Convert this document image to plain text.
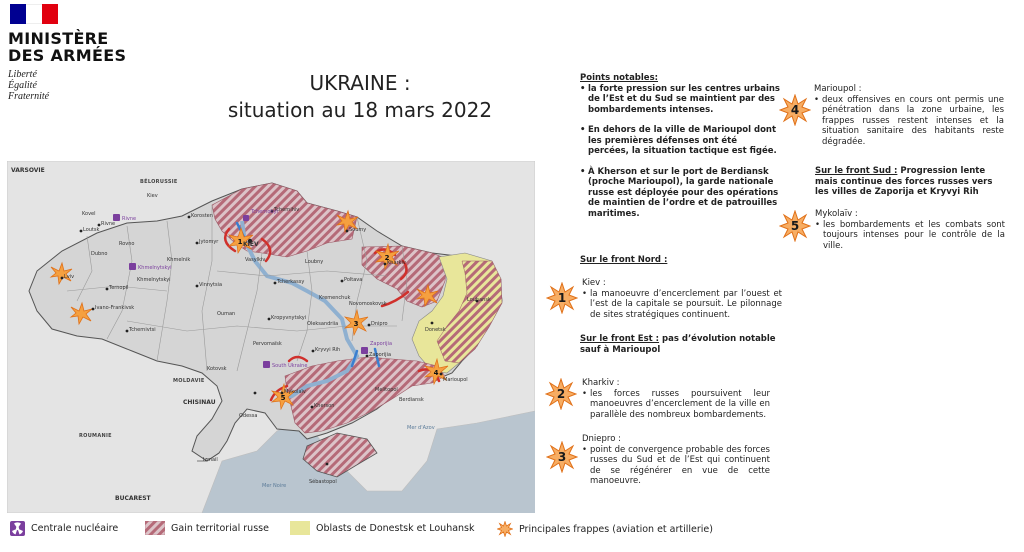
MINISTÈRE
DES ARMÉES
Liberté
Égalité
Fraternité
UKRAINE :
situation au 18 mars 2022
1
2
3
4
5
BÉLORUSSIE
MOLDAVIE
ROUMANIE
VARSOVIE
CHISINAU
BUCAREST
KIEV
Mer Noire
Mer d'Azov
Lviv
Rivne
Loutsk
Kovel
Ternopil
Ivano-Frankivsk
Khmelnytskyi
Tchernivtsi
Jytomyr
Korosten
Tchernihiv
Soumy
Kharkiv
Poltava
Loubny
Tcherkassy
Kropyvnytskyi
Vinnytsia
Ouman
Kryvyi Rih
Dnipro
Zaporijia
Novomoskovsk
Donetsk
Louhansk
Marioupol
Berdiansk
Mykolaïv
Odessa
Kherson
Sébastopol
Izmail
Kotovsk
Oleksandriia
Kremenchuk
Melitopol
Khmelnik
Pervomaïsk
Vasylkiv
Kiev
Rovno
Dubno
Rivne
Khmelnytskyi
South Ukraine
Tchernobyl
Zaporijia
Points notables:
• la forte pression sur les centres urbains de l’Est et du Sud se maintient par des bombardements intenses.
• En dehors de la ville de Marioupol dont les premières défenses ont été percées, la situation tactique est figée.
• À Kherson et sur le port de Berdiansk (proche Marioupol), la garde nationale russe est déployée pour des opérations de maintien de l’ordre et de patrouilles maritimes.
Sur le front Nord :
1
Kiev :
• la manoeuvre d’encerclement par l’ouest et l’est de la capitale se poursuit. Le pilonnage de sites stratégiques continuent.
Sur le front Est : pas d’évolution notable sauf à Marioupol
2
Kharkiv :
• les forces russes poursuivent leur manoeuvres d’encerclement de la ville en parallèle des nombreux bombardements.
3
Dniepro :
• point de convergence probable des forces russes du Sud et de l’Est qui continuent de se régénérer en vue de cette manoeuvre.
4
Marioupol :
• deux offensives en cours ont permis une pénétration dans la zone urbaine, les frappes russes restent intenses et la situation sanitaire des habitants reste dégradée.
Sur le front Sud : Progression lente mais continue des forces russes vers les villes de Zaporija et Kryvyi Rih
5
Mykolaïv :
• les bombardements et les combats sont toujours intenses pour le contrôle de la ville.
Centrale nucléaire	Gain territorial russe	Oblasts de Donestsk et Louhansk	Principales frappes (aviation et artillerie)
